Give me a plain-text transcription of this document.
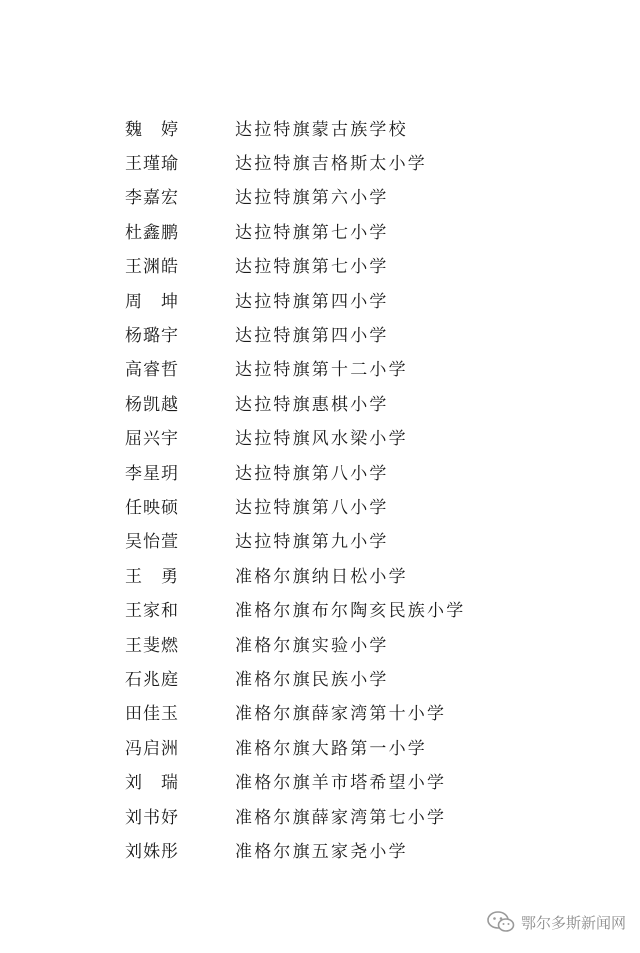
魏　婷	达拉特旗蒙古族学校
王瑾瑜	达拉特旗吉格斯太小学
李嘉宏	达拉特旗第六小学
杜鑫鹏	达拉特旗第七小学
王渊皓	达拉特旗第七小学
周　坤	达拉特旗第四小学
杨璐宇	达拉特旗第四小学
高睿哲	达拉特旗第十二小学
杨凯越	达拉特旗惠棋小学
屈兴宇	达拉特旗风水梁小学
李星玥	达拉特旗第八小学
任映硕	达拉特旗第八小学
吴怡萱	达拉特旗第九小学
王　勇	准格尔旗纳日松小学
王家和	准格尔旗布尔陶亥民族小学
王斐燃	准格尔旗实验小学
石兆庭	准格尔旗民族小学
田佳玉	准格尔旗薛家湾第十小学
冯启洲	准格尔旗大路第一小学
刘　瑞	准格尔旗羊市塔希望小学
刘书妤	准格尔旗薛家湾第七小学
刘姝彤	准格尔旗五家尧小学
鄂尔多斯新闻网
